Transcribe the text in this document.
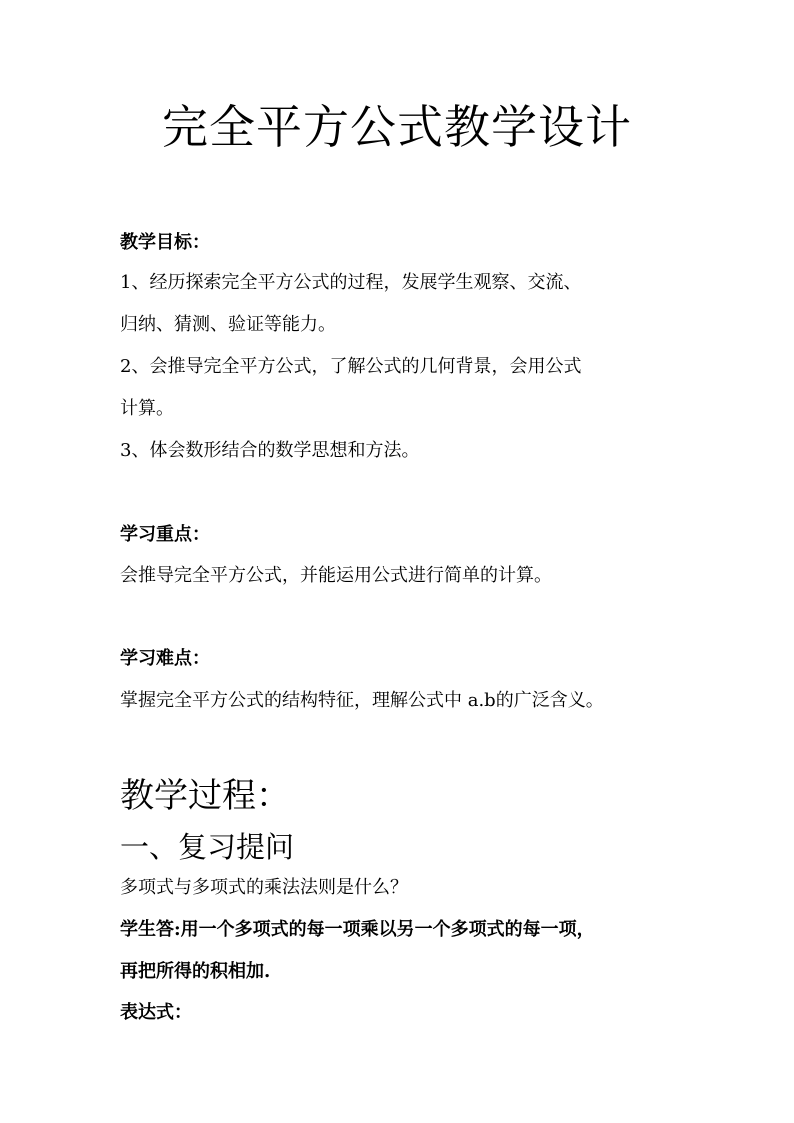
完全平方公式教学设计
教学目标：
1、经历探索完全平方公式的过程，发展学生观察、交流、
归纳、猜测、验证等能力。
2、会推导完全平方公式，了解公式的几何背景，会用公式
计算。
3、体会数形结合的数学思想和方法。
学习重点：
会推导完全平方公式，并能运用公式进行简单的计算。
学习难点：
掌握完全平方公式的结构特征，理解公式中 a.b的广泛含义。
教学过程：
一、复习提问
多项式与多项式的乘法法则是什么？
学生答:用一个多项式的每一项乘以另一个多项式的每一项，
再把所得的积相加.
表达式：
